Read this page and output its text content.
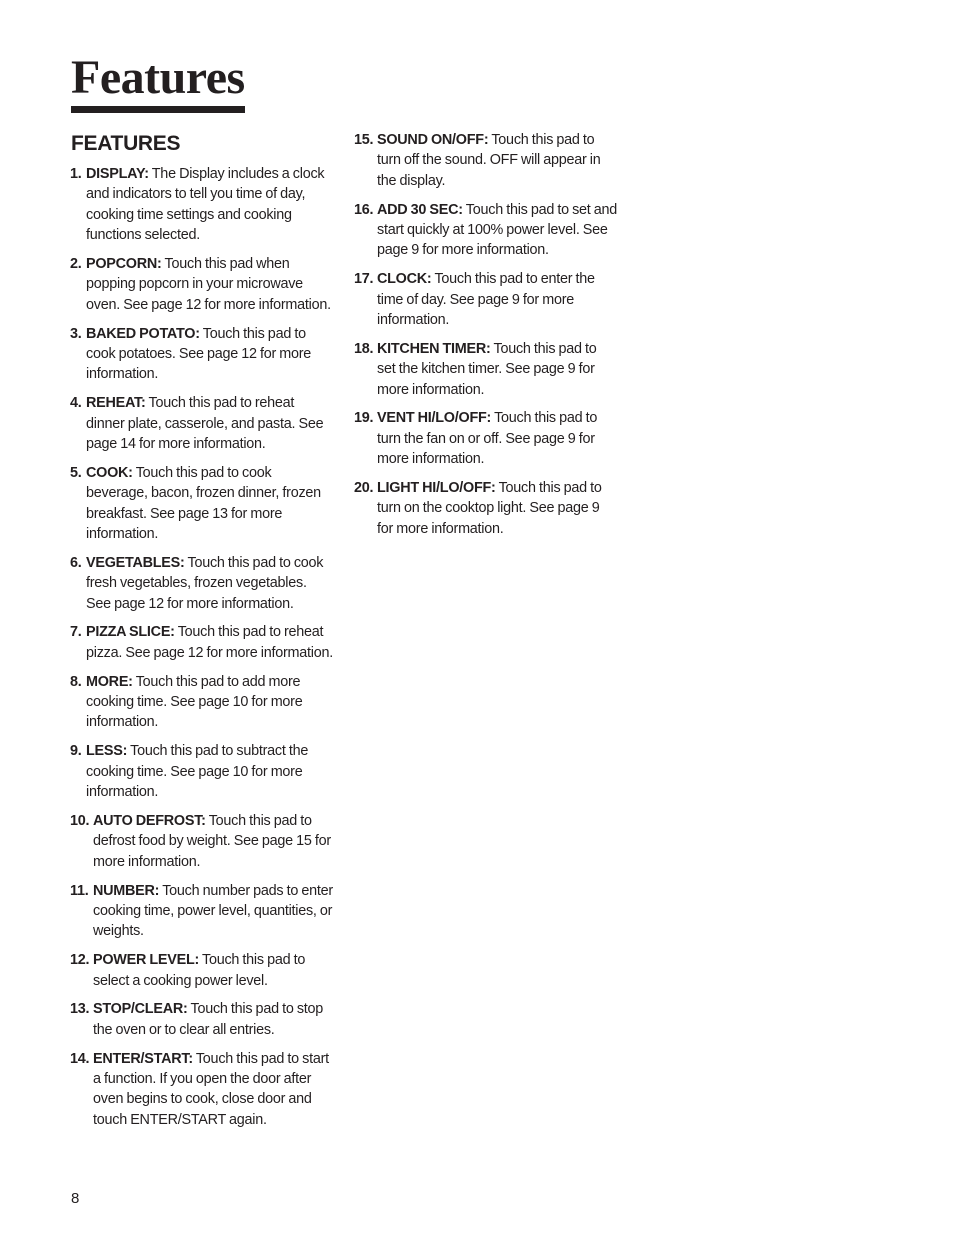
Features
FEATURES
1. DISPLAY: The Display includes a clock and indicators to tell you time of day, cooking time settings and cooking functions selected.
2. POPCORN: Touch this pad when popping popcorn in your microwave oven. See page 12 for more information.
3. BAKED POTATO: Touch this pad to cook potatoes. See page 12 for more information.
4. REHEAT: Touch this pad to reheat dinner plate, casserole, and pasta. See page 14 for more information.
5. COOK: Touch this pad to cook beverage, bacon, frozen dinner, frozen breakfast. See page 13 for more information.
6. VEGETABLES: Touch this pad to cook fresh vegetables, frozen vegetables. See page 12 for more information.
7. PIZZA SLICE: Touch this pad to reheat pizza. See page 12 for more information.
8. MORE: Touch this pad to add more cooking time. See page 10 for more information.
9. LESS: Touch this pad to subtract the cooking time. See page 10 for more information.
10. AUTO DEFROST: Touch this pad to defrost food by weight. See page 15 for more information.
11. NUMBER: Touch number pads to enter cooking time, power level, quantities, or weights.
12. POWER LEVEL: Touch this pad to select a cooking power level.
13. STOP/CLEAR: Touch this pad to stop the oven or to clear all entries.
14. ENTER/START: Touch this pad to start a function. If you open the door after oven begins to cook, close door and touch ENTER/START again.
15. SOUND ON/OFF: Touch this pad to turn off the sound. OFF will appear in the display.
16. ADD 30 SEC: Touch this pad to set and start quickly at 100% power level. See page 9 for more information.
17. CLOCK: Touch this pad to enter the time of day. See page 9 for more information.
18. KITCHEN TIMER: Touch this pad to set the kitchen timer. See page 9 for more information.
19. VENT HI/LO/OFF: Touch this pad to turn the fan on or off. See page 9 for more information.
20. LIGHT HI/LO/OFF: Touch this pad to turn on the cooktop light. See page 9 for more information.
8
